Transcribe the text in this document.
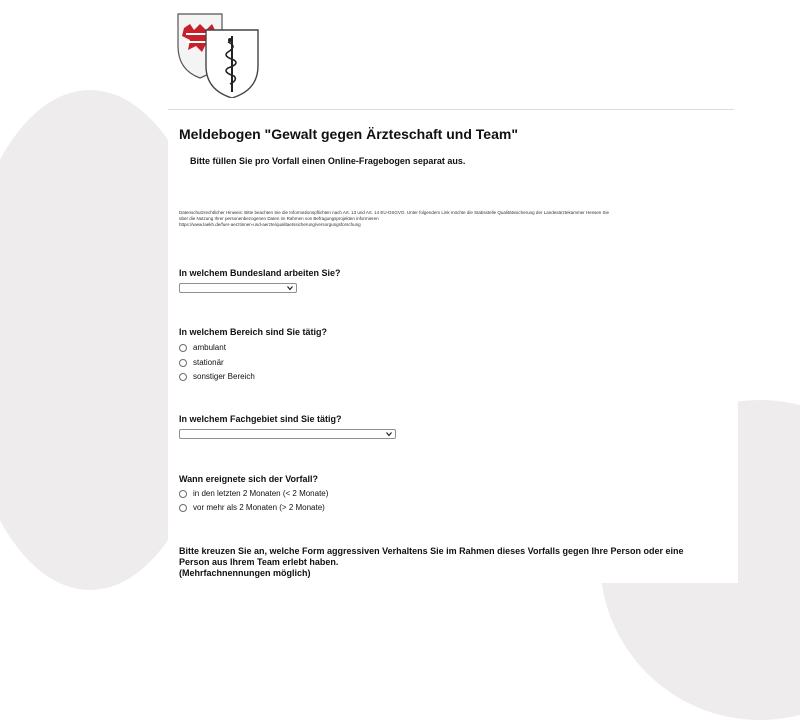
Meldebogen "Gewalt gegen Ärzteschaft und Team"
Bitte füllen Sie pro Vorfall einen Online-Fragebogen separat aus.
Datenschutzrechtlicher Hinweis: Bitte beachten Sie die Informationspflichten nach Art. 13 und Art. 14 EU-DSGVO. Unter folgendem Link möchte die Stabsstelle Qualitätssicherung der Landesärztekammer Hessen Sie
über die Nutzung Ihrer personenbezogenen Daten im Rahmen von Befragungsprojekten informieren
https://www.laekh.de/fuer-aerztinnen-und-aerzte/qualitaetssicherung/versorgungsforschung
In welchem Bundesland arbeiten Sie?
In welchem Bereich sind Sie tätig?
ambulant
stationär
sonstiger Bereich
In welchem Fachgebiet sind Sie tätig?
Wann ereignete sich der Vorfall?
in den letzten 2 Monaten (< 2 Monate)
vor mehr als 2 Monaten (> 2 Monate)
Bitte kreuzen Sie an, welche Form aggressiven Verhaltens Sie im Rahmen dieses Vorfalls gegen Ihre Person oder eine
Person aus Ihrem Team erlebt haben.
(Mehrfachnennungen möglich)
